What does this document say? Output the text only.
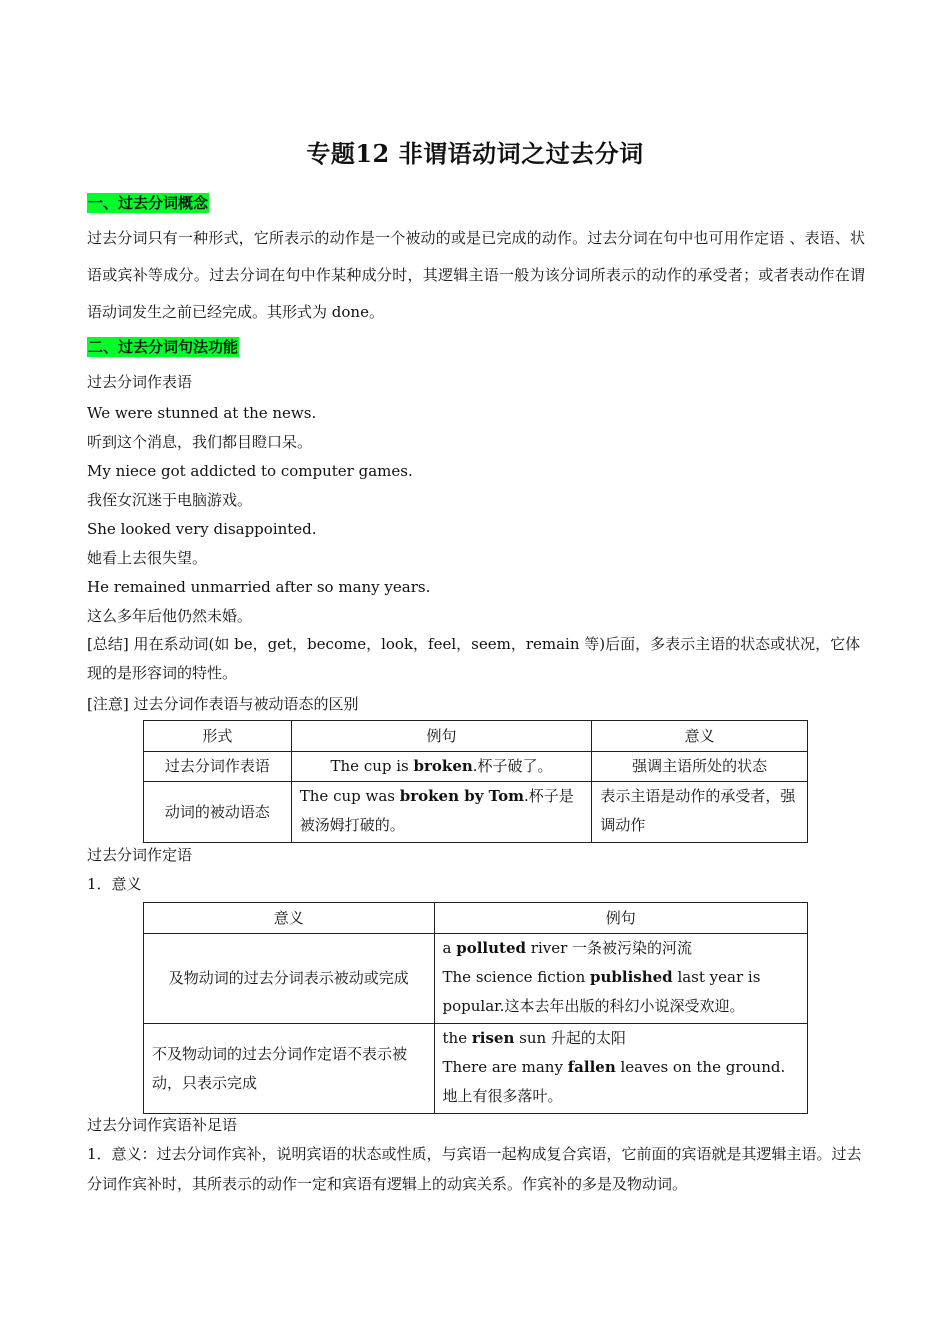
专题12 非谓语动词之过去分词
一、过去分词概念
过去分词只有一种形式，它所表示的动作是一个被动的或是已完成的动作。过去分词在句中也可用作定语 、表语、状语或宾补等成分。过去分词在句中作某种成分时，其逻辑主语一般为该分词所表示的动作的承受者；或者表动作在谓语动词发生之前已经完成。其形式为 done。
二、过去分词句法功能
过去分词作表语
We were stunned at the news.
听到这个消息，我们都目瞪口呆。
My niece got addicted to computer games.
我侄女沉迷于电脑游戏。
She looked very disappointed.
她看上去很失望。
He remained unmarried after so many years.
这么多年后他仍然未婚。
[总结] 用在系动词(如 be，get，become，look，feel，seem，remain 等)后面，多表示主语的状态或状况，它体现的是形容词的特性。
[注意] 过去分词作表语与被动语态的区别
形式	例句	意义
过去分词作表语	The cup is broken.杯子破了。	强调主语所处的状态
动词的被动语态	The cup was broken by Tom.杯子是被汤姆打破的。	表示主语是动作的承受者，强调动作
过去分词作定语
1．意义
意义	例句
及物动词的过去分词表示被动或完成	a polluted river 一条被污染的河流
The science fiction published last year is popular.这本去年出版的科幻小说深受欢迎。

不及物动词的过去分词作定语不表示被动，只表示完成	the risen sun 升起的太阳
There are many fallen leaves on the ground.地上有很多落叶。
过去分词作宾语补足语
1．意义：过去分词作宾补，说明宾语的状态或性质，与宾语一起构成复合宾语，它前面的宾语就是其逻辑主语。过去分词作宾补时，其所表示的动作一定和宾语有逻辑上的动宾关系。作宾补的多是及物动词。
